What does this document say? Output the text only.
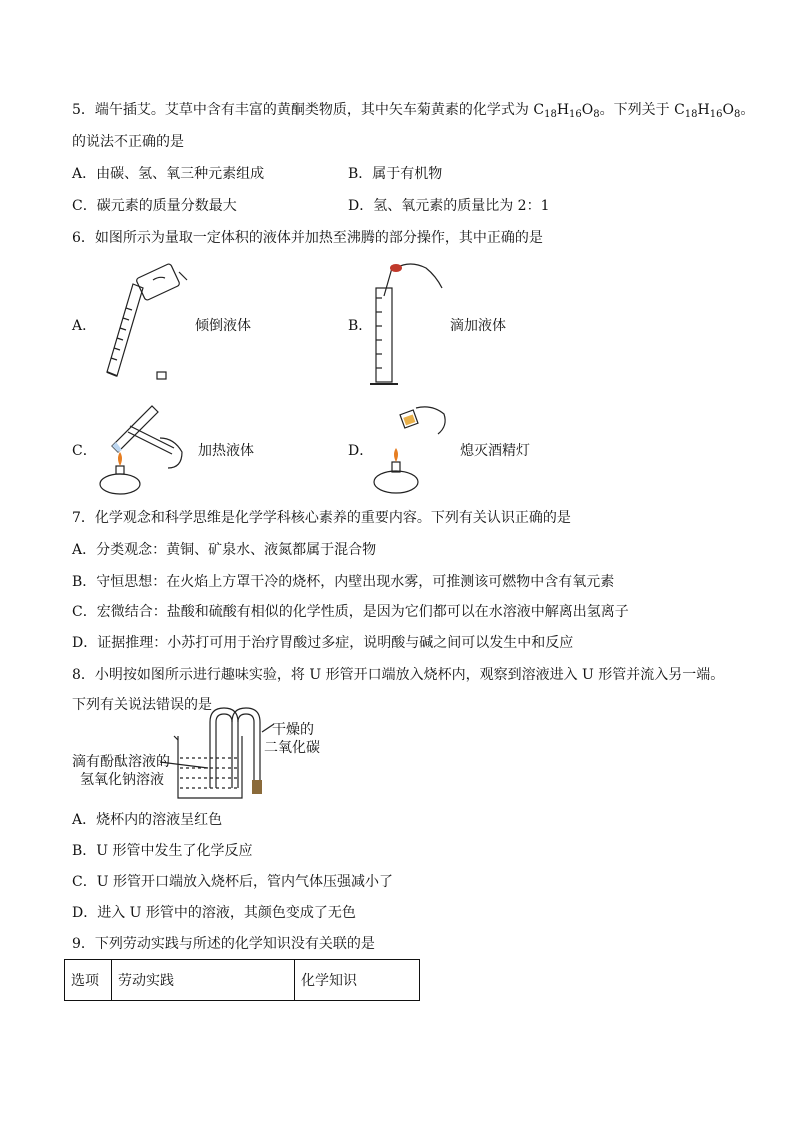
5．端午插艾。艾草中含有丰富的黄酮类物质，其中矢车菊黄素的化学式为 $C_{18}H_{16}O_8$。下列关于 $C_{18}H_{16}O_8$。
的说法不正确的是
A．由碳、氢、氧三种元素组成	B．属于有机物
C．碳元素的质量分数最大	D．氢、氧元素的质量比为 2：1
6．如图所示为量取一定体积的液体并加热至沸腾的部分操作，其中正确的是
A．	倾倒液体	B．	滴加液体
C．	加热液体	D．	熄灭酒精灯
7．化学观念和科学思维是化学学科核心素养的重要内容。下列有关认识正确的是
A．分类观念：黄铜、矿泉水、液氮都属于混合物
B．守恒思想：在火焰上方罩干冷的烧杯，内壁出现水雾，可推测该可燃物中含有氧元素
C．宏微结合：盐酸和硫酸有相似的化学性质，是因为它们都可以在水溶液中解离出氢离子
D．证据推理：小苏打可用于治疗胃酸过多症，说明酸与碱之间可以发生中和反应
8．小明按如图所示进行趣味实验，将 U 形管开口端放入烧杯内，观察到溶液进入 U 形管并流入另一端。
下列有关说法错误的是
干燥的
二氧化碳
滴有酚酞溶液的
氢氧化钠溶液
A．烧杯内的溶液呈红色
B．U 形管中发生了化学反应
C．U 形管开口端放入烧杯后，管内气体压强减小了
D．进入 U 形管中的溶液，其颜色变成了无色
9．下列劳动实践与所述的化学知识没有关联的是
选项	劳动实践	化学知识
